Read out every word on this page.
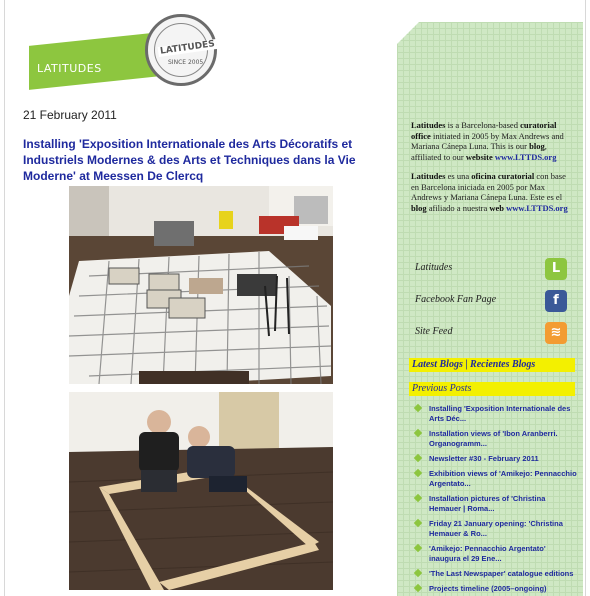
LATITUDES
LATITUDES
SINCE 2005
21 February 2011
Installing 'Exposition Internationale des Arts Décoratifs et Industriels Modernes & des Arts et Techniques dans la Vie Moderne' at Meessen De Clercq

Latitudes is a Barcelona-based curatorial office initiated in 2005 by Max Andrews and Mariana Cánepa Luna. This is our blog, affiliated to our website www.LTTDS.org

Latitudes es una oficina curatorial con base en Barcelona iniciada en 2005 por Max Andrews y Mariana Cánepa Luna. Este es el blog afiliado a nuestra web www.LTTDS.org

Latitudes	L
Facebook Fan Page	f
Site Feed	≋
Latest Blogs | Recientes Blogs
Previous Posts
Installing 'Exposition Internationale des Arts Déc...
Installation views of 'Ibon Aranberri. Organogramm...
Newsletter #30 - February 2011
Exhibition views of 'Amikejo: Pennacchio Argentato...
Installation pictures of 'Christina Hemauer | Roma...
Friday 21 January opening: 'Christina Hemauer & Ro...
'Amikejo: Pennacchio Argentato' inaugura el 29 Ene...
'The Last Newspaper' catalogue editions
Projects timeline (2005–ongoing)
